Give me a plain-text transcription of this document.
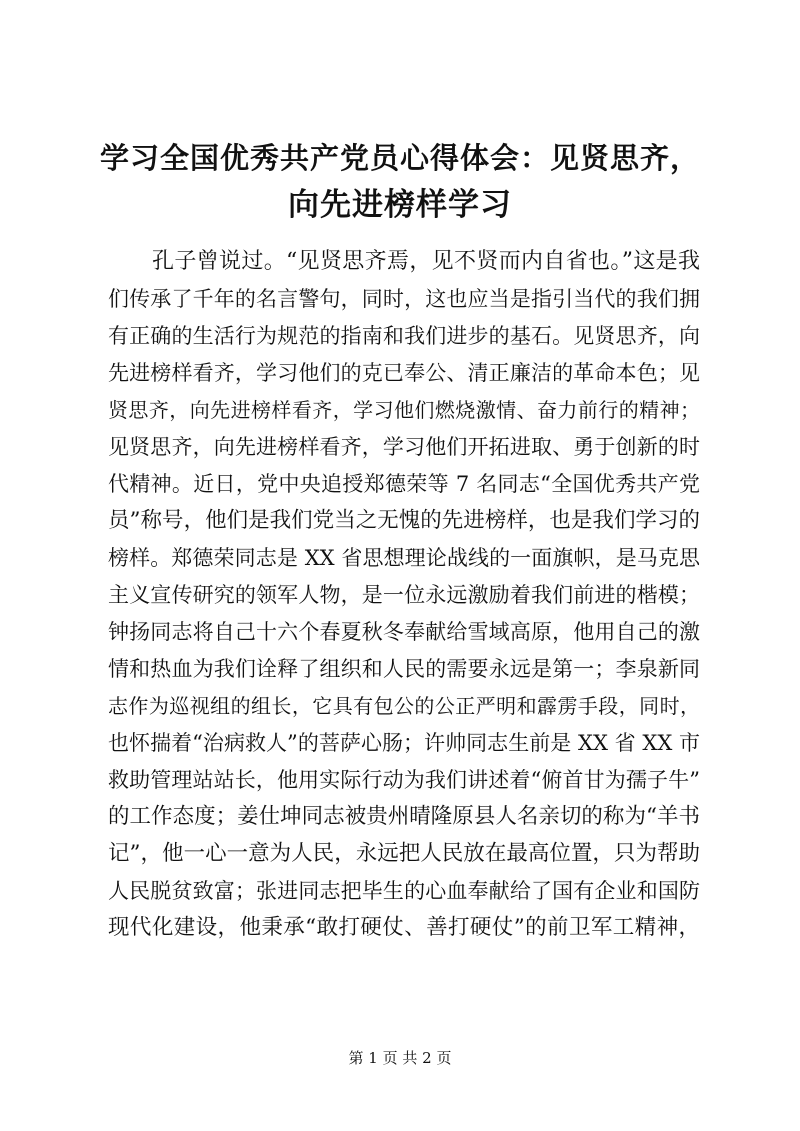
学习全国优秀共产党员心得体会：见贤思齐，
向先进榜样学习
孔子曾说过。“见贤思齐焉，见不贤而内自省也。”这是我
们传承了千年的名言警句，同时，这也应当是指引当代的我们拥
有正确的生活行为规范的指南和我们进步的基石。见贤思齐，向
先进榜样看齐，学习他们的克已奉公、清正廉洁的革命本色；见
贤思齐，向先进榜样看齐，学习他们燃烧激情、奋力前行的精神；
见贤思齐，向先进榜样看齐，学习他们开拓进取、勇于创新的时
代精神。近日，党中央追授郑德荣等 7 名同志“全国优秀共产党
员”称号，他们是我们党当之无愧的先进榜样，也是我们学习的
榜样。郑德荣同志是 XX 省思想理论战线的一面旗帜，是马克思
主义宣传研究的领军人物，是一位永远激励着我们前进的楷模；
钟扬同志将自己十六个春夏秋冬奉献给雪域高原，他用自己的激
情和热血为我们诠释了组织和人民的需要永远是第一；李泉新同
志作为巡视组的组长，它具有包公的公正严明和霹雳手段，同时，
也怀揣着“治病救人”的菩萨心肠；许帅同志生前是 XX 省 XX 市
救助管理站站长，他用实际行动为我们讲述着“俯首甘为孺子牛”
的工作态度；姜仕坤同志被贵州晴隆原县人名亲切的称为“羊书
记”，他一心一意为人民，永远把人民放在最高位置，只为帮助
人民脱贫致富；张进同志把毕生的心血奉献给了国有企业和国防
现代化建设，他秉承“敢打硬仗、善打硬仗”的前卫军工精神，
第 1 页 共 2 页
